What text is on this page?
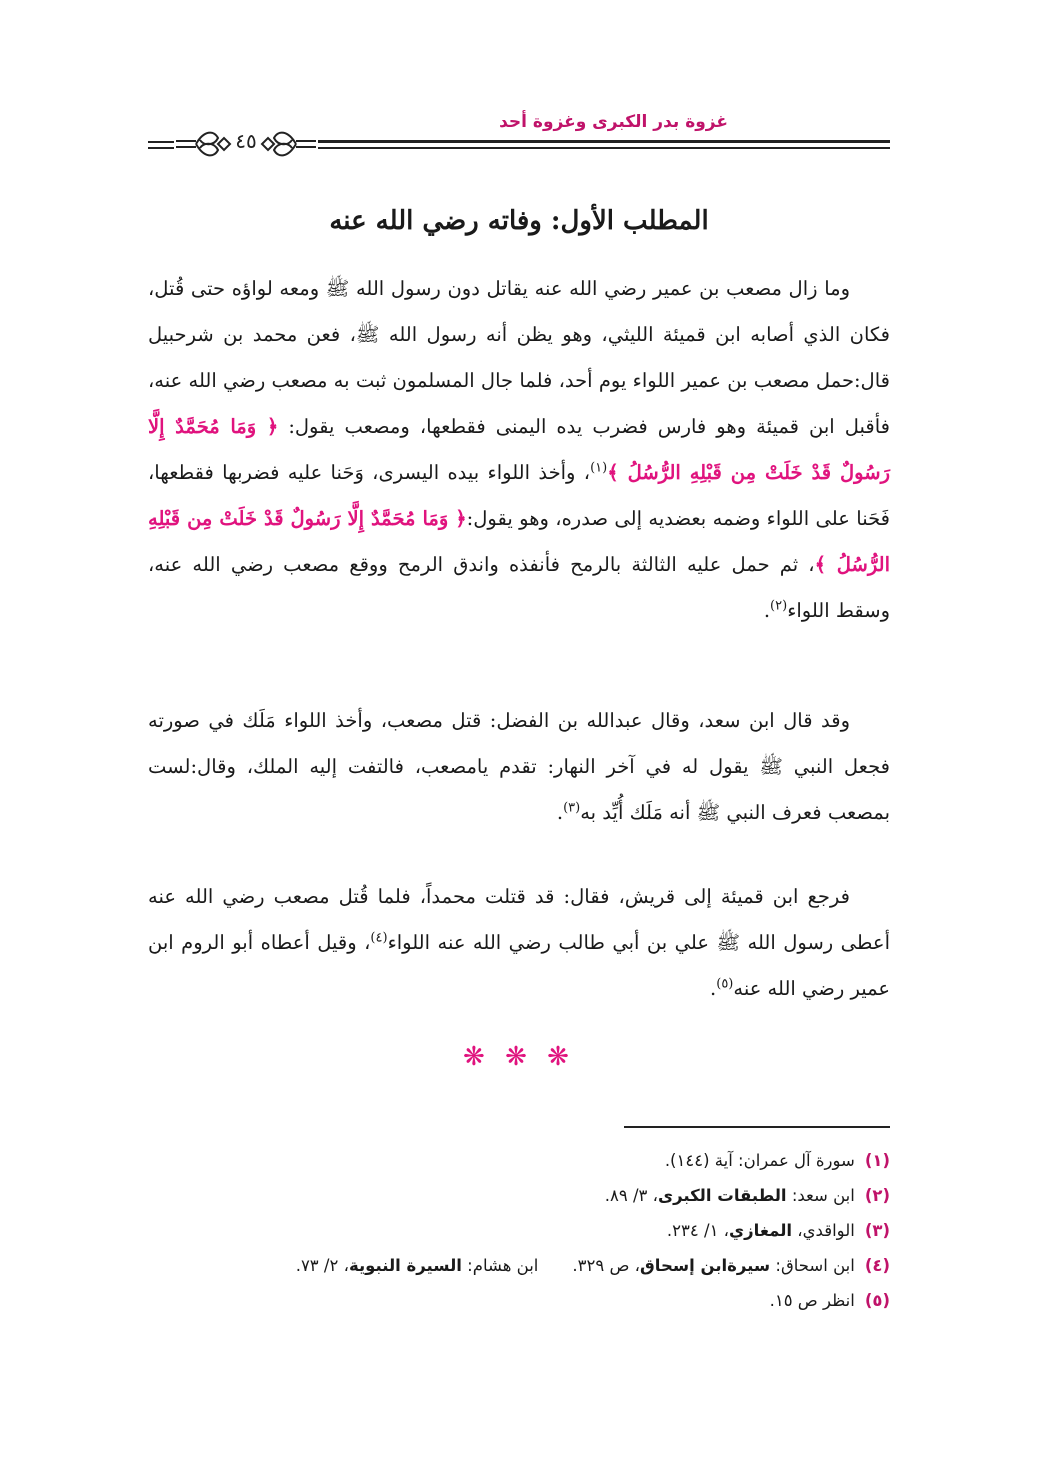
غزوة بدر الكبرى وغزوة أحد
٤٥
المطلب الأول: وفاته رضي الله عنه
وما زال مصعب بن عمير رضي الله عنه يقاتل دون رسول الله ﷺ ومعه لواؤه حتى قُتل، فكان الذي أصابه ابن قميئة الليثي، وهو يظن أنه رسول الله ﷺ، فعن محمد بن شرحبيل قال:حمل مصعب بن عمير اللواء يوم أحد، فلما جال المسلمون ثبت به مصعب رضي الله عنه، فأقبل ابن قميئة وهو فارس فضرب يده اليمنى فقطعها، ومصعب يقول: ﴿ وَمَا مُحَمَّدٌ إِلَّا رَسُولٌ قَدْ خَلَتْ مِن قَبْلِهِ الرُّسُلُ ﴾$^{(١)}$، وأخذ اللواء بيده اليسرى، وَحَنا عليه فضربها فقطعها، فَحَنا على اللواء وضمه بعضديه إلى صدره، وهو يقول:﴿ وَمَا مُحَمَّدٌ إِلَّا رَسُولٌ قَدْ خَلَتْ مِن قَبْلِهِ الرُّسُلُ ﴾، ثم حمل عليه الثالثة بالرمح فأنفذه واندق الرمح ووقع مصعب رضي الله عنه، وسقط اللواء$^{(٢)}$.
وقد قال ابن سعد، وقال عبدالله بن الفضل: قتل مصعب، وأخذ اللواء مَلَك في صورته فجعل النبي ﷺ يقول له في آخر النهار: تقدم يامصعب، فالتفت إليه الملك، وقال:لست بمصعب فعرف النبي ﷺ أنه مَلَك أُيِّد به$^{(٣)}$.
فرجع ابن قميئة إلى قريش، فقال: قد قتلت محمداً، فلما قُتل مصعب رضي الله عنه أعطى رسول الله ﷺ علي بن أبي طالب رضي الله عنه اللواء$^{(٤)}$، وقيل أعطاه أبو الروم ابن عمير رضي الله عنه$^{(٥)}$.
❋ ❋ ❋
(١)سورة آل عمران: آية (١٤٤).
(٢)ابن سعد: الطبقات الكبرى، ٣/ ٨٩.
(٣)الواقدي، المغازي، ١/ ٢٣٤.
(٤)ابن اسحاق: سيرةابن إسحاق، ص ٣٢٩.ابن هشام: السيرة النبوية، ٢/ ٧٣.
(٥)انظر ص ١٥.
